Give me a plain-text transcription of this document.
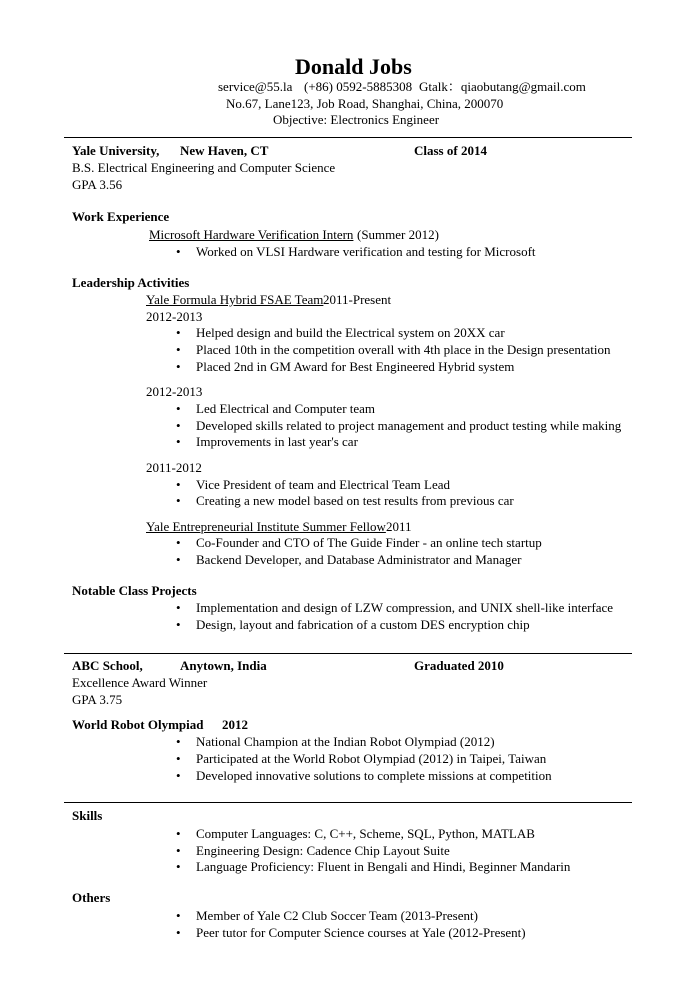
Donald Jobs
service@55.la (+86) 0592-5885308 Gtalk：qiaobutang@gmail.com
No.67, Lane123, Job Road, Shanghai, China, 200070
Objective: Electronics Engineer
Yale University, New Haven, CT	Class of 2014
B.S. Electrical Engineering and Computer Science
GPA 3.56
Work Experience
Microsoft Hardware Verification Intern (Summer 2012)
• Worked on VLSI Hardware verification and testing for Microsoft
Leadership Activities
Yale Formula Hybrid FSAE Team 2011-Present
2012-2013
• Helped design and build the Electrical system on 20XX car
• Placed 10th in the competition overall with 4th place in the Design presentation
• Placed 2nd in GM Award for Best Engineered Hybrid system
2012-2013
• Led Electrical and Computer team
• Developed skills related to project management and product testing while making
• Improvements in last year's car
2011-2012
• Vice President of team and Electrical Team Lead
• Creating a new model based on test results from previous car
Yale Entrepreneurial Institute Summer Fellow 2011
• Co-Founder and CTO of The Guide Finder - an online tech startup
• Backend Developer, and Database Administrator and Manager
Notable Class Projects
• Implementation and design of LZW compression, and UNIX shell-like interface
• Design, layout and fabrication of a custom DES encryption chip
ABC School,	Anytown, India	Graduated 2010
Excellence Award Winner
GPA 3.75
World Robot Olympiad 2012
• National Champion at the Indian Robot Olympiad (2012)
• Participated at the World Robot Olympiad (2012) in Taipei, Taiwan
• Developed innovative solutions to complete missions at competition
Skills
• Computer Languages: C, C++, Scheme, SQL, Python, MATLAB
• Engineering Design: Cadence Chip Layout Suite
• Language Proficiency: Fluent in Bengali and Hindi, Beginner Mandarin
Others
• Member of Yale C2 Club Soccer Team (2013-Present)
• Peer tutor for Computer Science courses at Yale (2012-Present)
